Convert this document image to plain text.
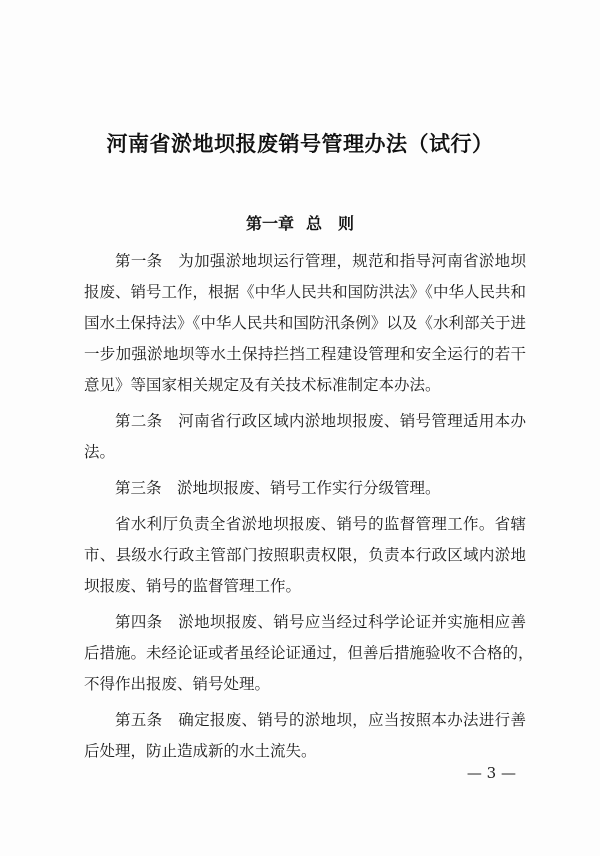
河南省淤地坝报废销号管理办法（试行）
第一章 总　则
第一条　为加强淤地坝运行管理，规范和指导河南省淤地坝
报废、销号工作，根据《中华人民共和国防洪法》《中华人民共和
国水土保持法》《中华人民共和国防汛条例》以及《水利部关于进
一步加强淤地坝等水土保持拦挡工程建设管理和安全运行的若干
意见》等国家相关规定及有关技术标准制定本办法。
第二条　河南省行政区域内淤地坝报废、销号管理适用本办
法。
第三条　淤地坝报废、销号工作实行分级管理。
省水利厅负责全省淤地坝报废、销号的监督管理工作。省辖
市、县级水行政主管部门按照职责权限，负责本行政区域内淤地
坝报废、销号的监督管理工作。
第四条　淤地坝报废、销号应当经过科学论证并实施相应善
后措施。未经论证或者虽经论证通过，但善后措施验收不合格的，
不得作出报废、销号处理。
第五条　确定报废、销号的淤地坝，应当按照本办法进行善
后处理，防止造成新的水土流失。
— 3 —
